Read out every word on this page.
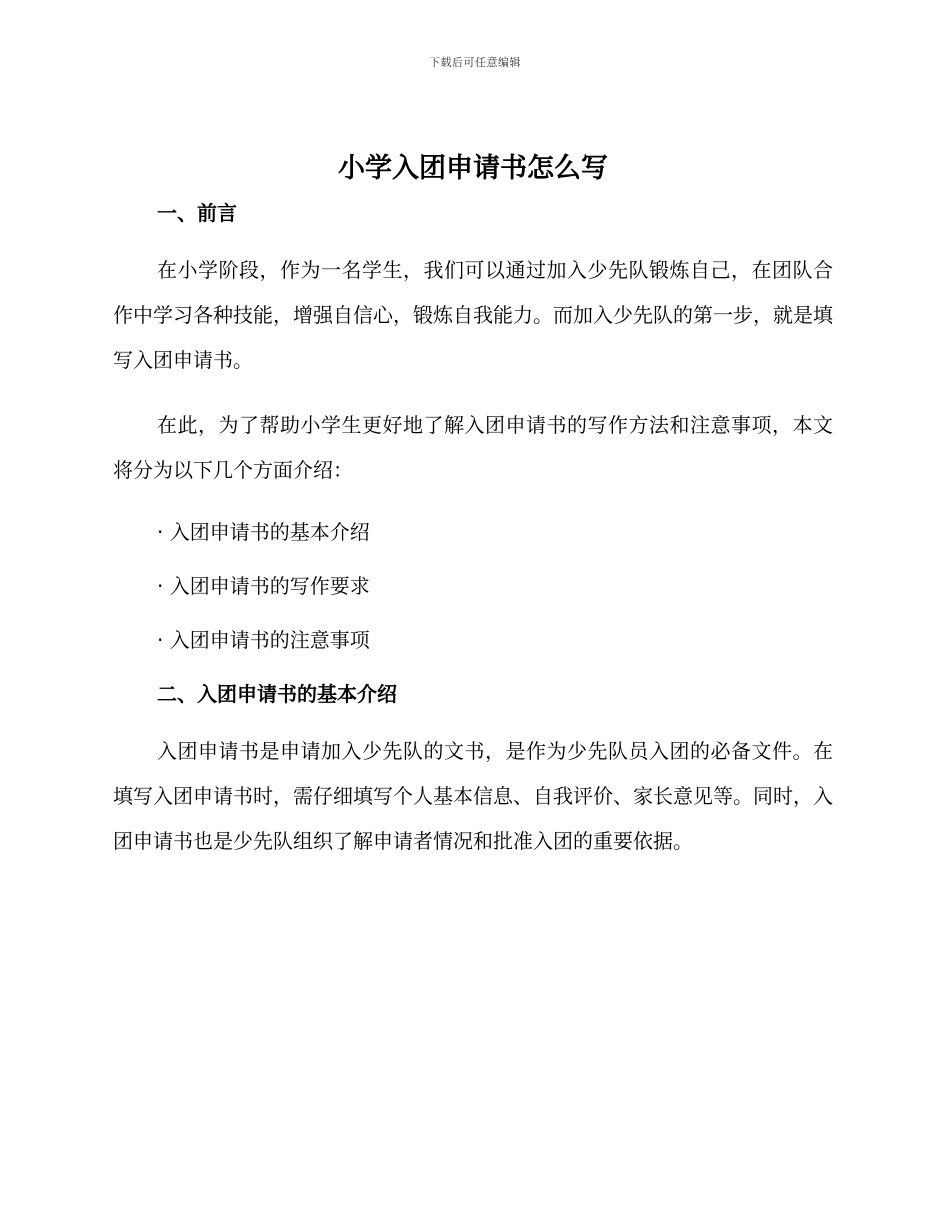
下载后可任意编辑
小学入团申请书怎么写
一、前言

在小学阶段，作为一名学生，我们可以通过加入少先队锻炼自己，在团队合作中学习各种技能，增强自信心，锻炼自我能力。而加入少先队的第一步，就是填写入团申请书。

在此，为了帮助小学生更好地了解入团申请书的写作方法和注意事项，本文将分为以下几个方面介绍：

· 入团申请书的基本介绍

· 入团申请书的写作要求

· 入团申请书的注意事项

二、入团申请书的基本介绍

入团申请书是申请加入少先队的文书，是作为少先队员入团的必备文件。在填写入团申请书时，需仔细填写个人基本信息、自我评价、家长意见等。同时，入团申请书也是少先队组织了解申请者情况和批准入团的重要依据。
